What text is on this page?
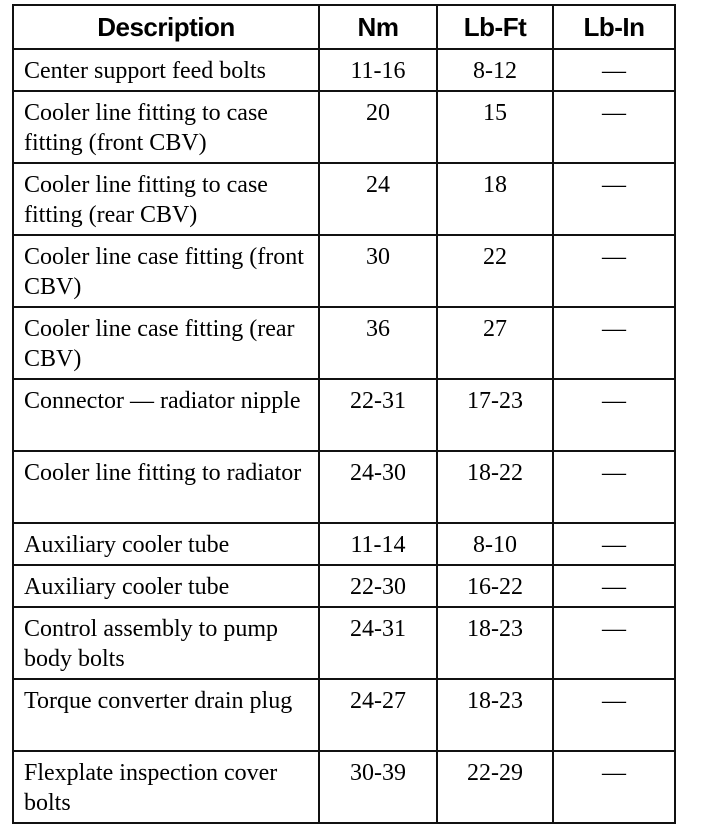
Description	Nm	Lb-Ft	Lb-In
Center support feed bolts	11-16	8-12	—
Cooler line fitting to case fitting (front CBV)	20	15	—
Cooler line fitting to case fitting (rear CBV)	24	18	—
Cooler line case fitting (front CBV)	30	22	—
Cooler line case fitting (rear CBV)	36	27	—
Connector — radiator nipple	22-31	17-23	—
Cooler line fitting to radiator	24-30	18-22	—
Auxiliary cooler tube	11-14	8-10	—
Auxiliary cooler tube	22-30	16-22	—
Control assembly to pump body bolts	24-31	18-23	—
Torque converter drain plug	24-27	18-23	—
Flexplate inspection cover bolts	30-39	22-29	—
